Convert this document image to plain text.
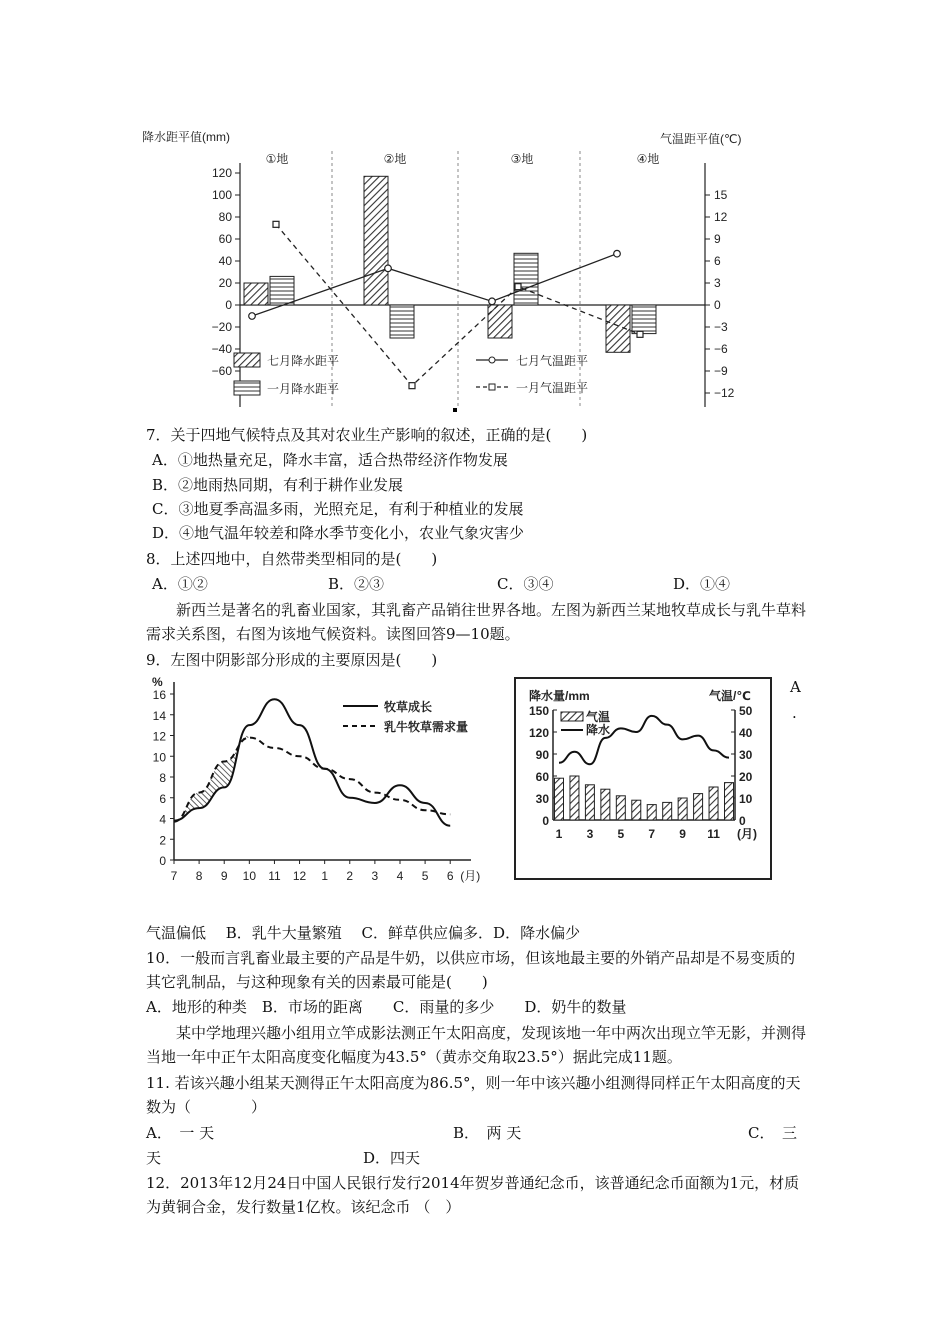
降水距平值(mm)	气温距平值(℃)
120
100
80
60
40
20
0
−20
−40
−60
15
12
9
6
3
0
−3
−6
−9
−12
①地	②地	③地	④地
七月降水距平
一月降水距平
七月气温距平
一月气温距平
7．关于四地气候特点及其对农业生产影响的叙述，正确的是(　　)
A．①地热量充足，降水丰富，适合热带经济作物发展
B．②地雨热同期，有利于耕作业发展
C．③地夏季高温多雨，光照充足，有利于种植业的发展
D．④地气温年较差和降水季节变化小，农业气象灾害少
8．上述四地中，自然带类型相同的是(　　)
A．①②	B．②③	C．③④	D．①④
新西兰是著名的乳畜业国家，其乳畜产品销往世界各地。左图为新西兰某地牧草成长与乳牛草料需求关系图，右图为该地气候资料。读图回答9—10题。
9．左图中阴影部分形成的主要原因是(　　)
%
16
14
12
10
8
6
4
2
0
7 8 9 10 11 12 1 2 3 4 5 6 (月)
牧草成长
乳牛牧草需求量
降水量/mm	气温/℃
150
120
90
60
30
0
50
40
30
20
10
0
1 3 5 7 9 11 (月)
气温
降水
A
.
气温偏低　 B．乳牛大量繁殖　 C．鲜草供应偏多．D．降水偏少
10．一般而言乳畜业最主要的产品是牛奶，以供应市场，但该地最主要的外销产品却是不易变质的其它乳制品，与这种现象有关的因素最可能是(　　)
A．地形的种类　B．市场的距离　　C．雨量的多少　　D．奶牛的数量
某中学地理兴趣小组用立竿成影法测正午太阳高度，发现该地一年中两次出现立竿无影，并测得当地一年中正午太阳高度变化幅度为43.5°（黄赤交角取23.5°）据此完成11题。
11. 若该兴趣小组某天测得正午太阳高度为86.5°，则一年中该兴趣小组测得同样正午太阳高度的天数为（　　　　）
A．　一 天	B．　两 天	C．　三
天	D．四天
12．2013年12月24日中国人民银行发行2014年贺岁普通纪念币，该普通纪念币面额为1元，材质为黄铜合金，发行数量1亿枚。该纪念币 （　）
